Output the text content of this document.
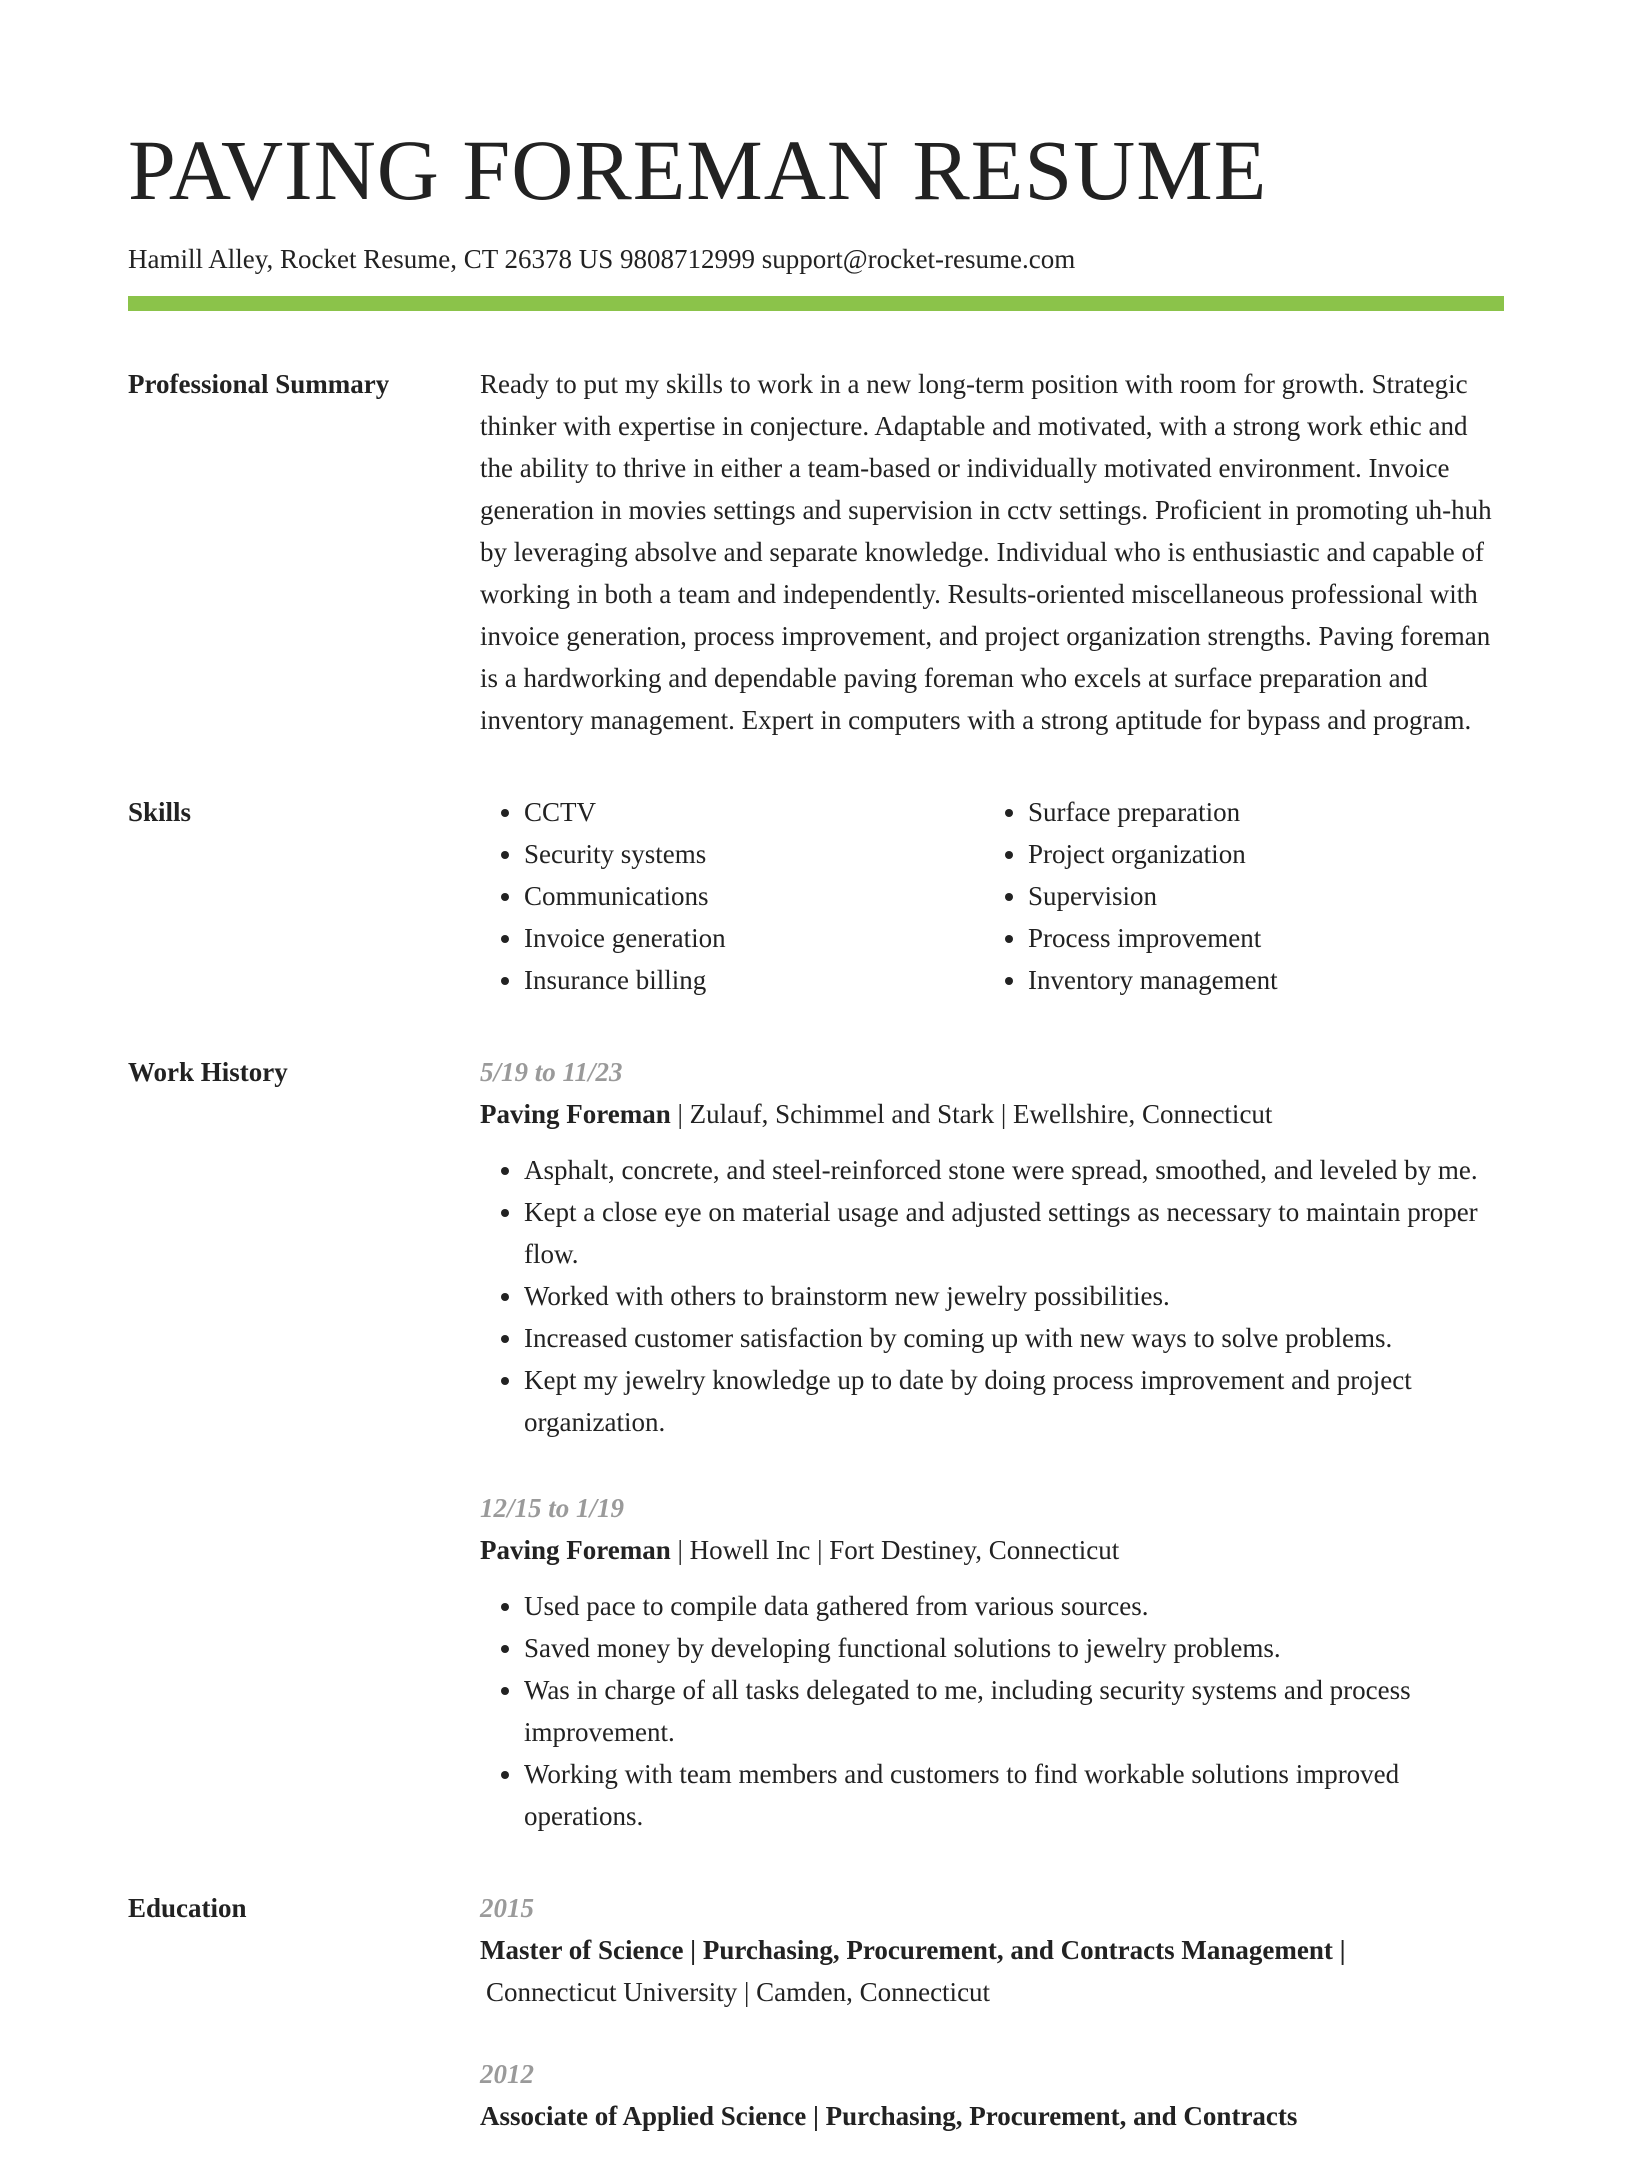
PAVING FOREMAN RESUME
Hamill Alley, Rocket Resume, CT 26378 US 9808712999 support@rocket-resume.com
Professional Summary	Ready to put my skills to work in a new long-term position with room for growth. Strategic thinker with expertise in conjecture. Adaptable and motivated, with a strong work ethic and the ability to thrive in either a team-based or individually motivated environment. Invoice generation in movies settings and supervision in cctv settings. Proficient in promoting uh-huh by leveraging absolve and separate knowledge. Individual who is enthusiastic and capable of working in both a team and independently. Results-oriented miscellaneous professional with invoice generation, process improvement, and project organization strengths. Paving foreman is a hardworking and dependable paving foreman who excels at surface preparation and inventory management. Expert in computers with a strong aptitude for bypass and program.

Skills
•	CCTV
• Security systems
• Communications
• Invoice generation
• Insurance billing
• Surface preparation
• Project organization
• Supervision
• Process improvement
• Inventory management
Work History	5/19 to 11/23
Paving Foreman | Zulauf, Schimmel and Stark | Ewellshire, Connecticut
• Asphalt, concrete, and steel-reinforced stone were spread, smoothed, and leveled by me.
• Kept a close eye on material usage and adjusted settings as necessary to maintain proper flow.
• Worked with others to brainstorm new jewelry possibilities.
• Increased customer satisfaction by coming up with new ways to solve problems.
• Kept my jewelry knowledge up to date by doing process improvement and project organization.
12/15 to 1/19
Paving Foreman | Howell Inc | Fort Destiney, Connecticut
• Used pace to compile data gathered from various sources.
• Saved money by developing functional solutions to jewelry problems.
• Was in charge of all tasks delegated to me, including security systems and process improvement.
• Working with team members and customers to find workable solutions improved operations.
Education	2015
Master of Science | Purchasing, Procurement, and Contracts Management |
Connecticut University | Camden, Connecticut
2012
Associate of Applied Science | Purchasing, Procurement, and Contracts
